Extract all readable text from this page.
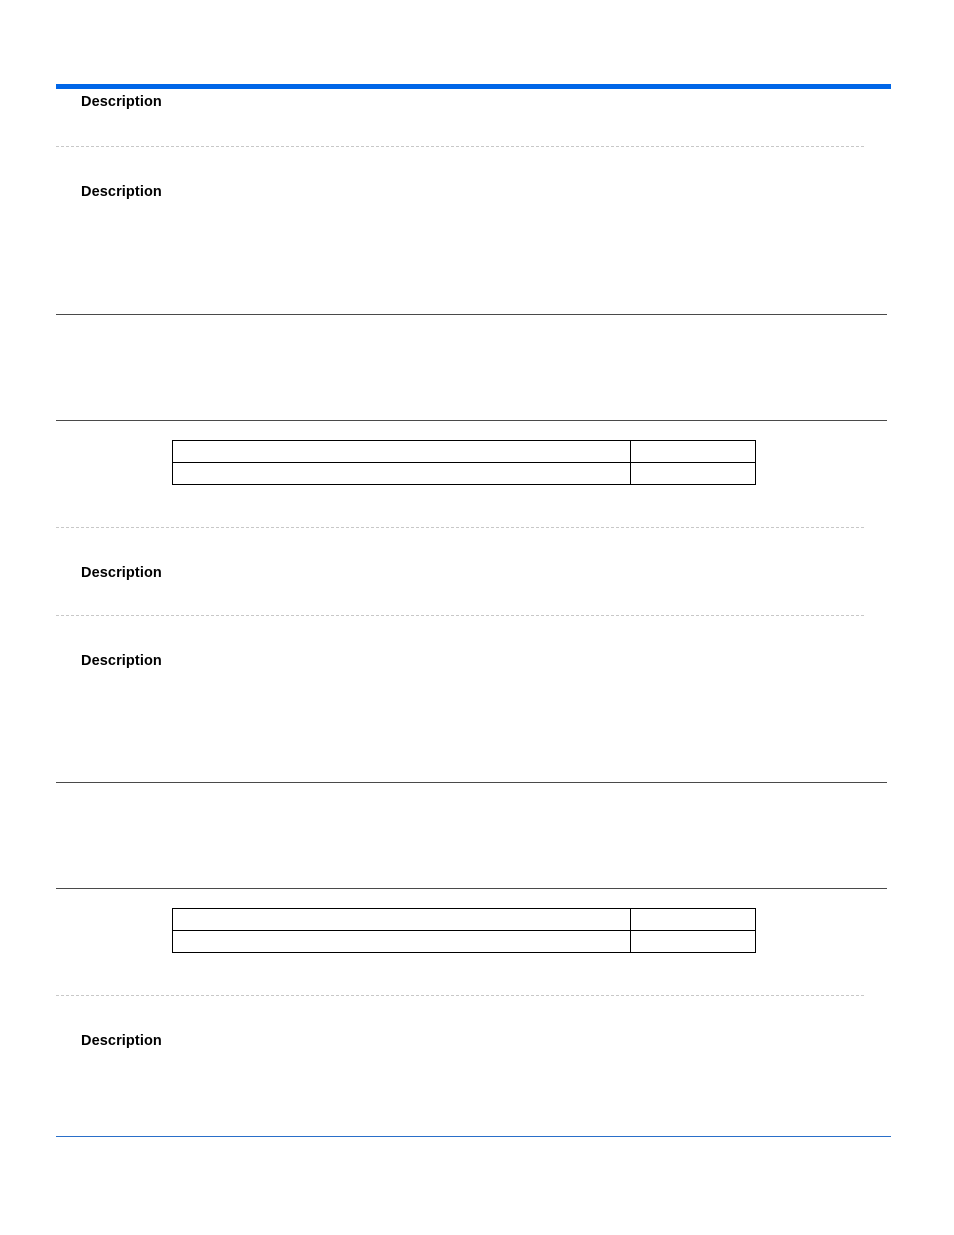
Description
Description

Description
Description

Description
